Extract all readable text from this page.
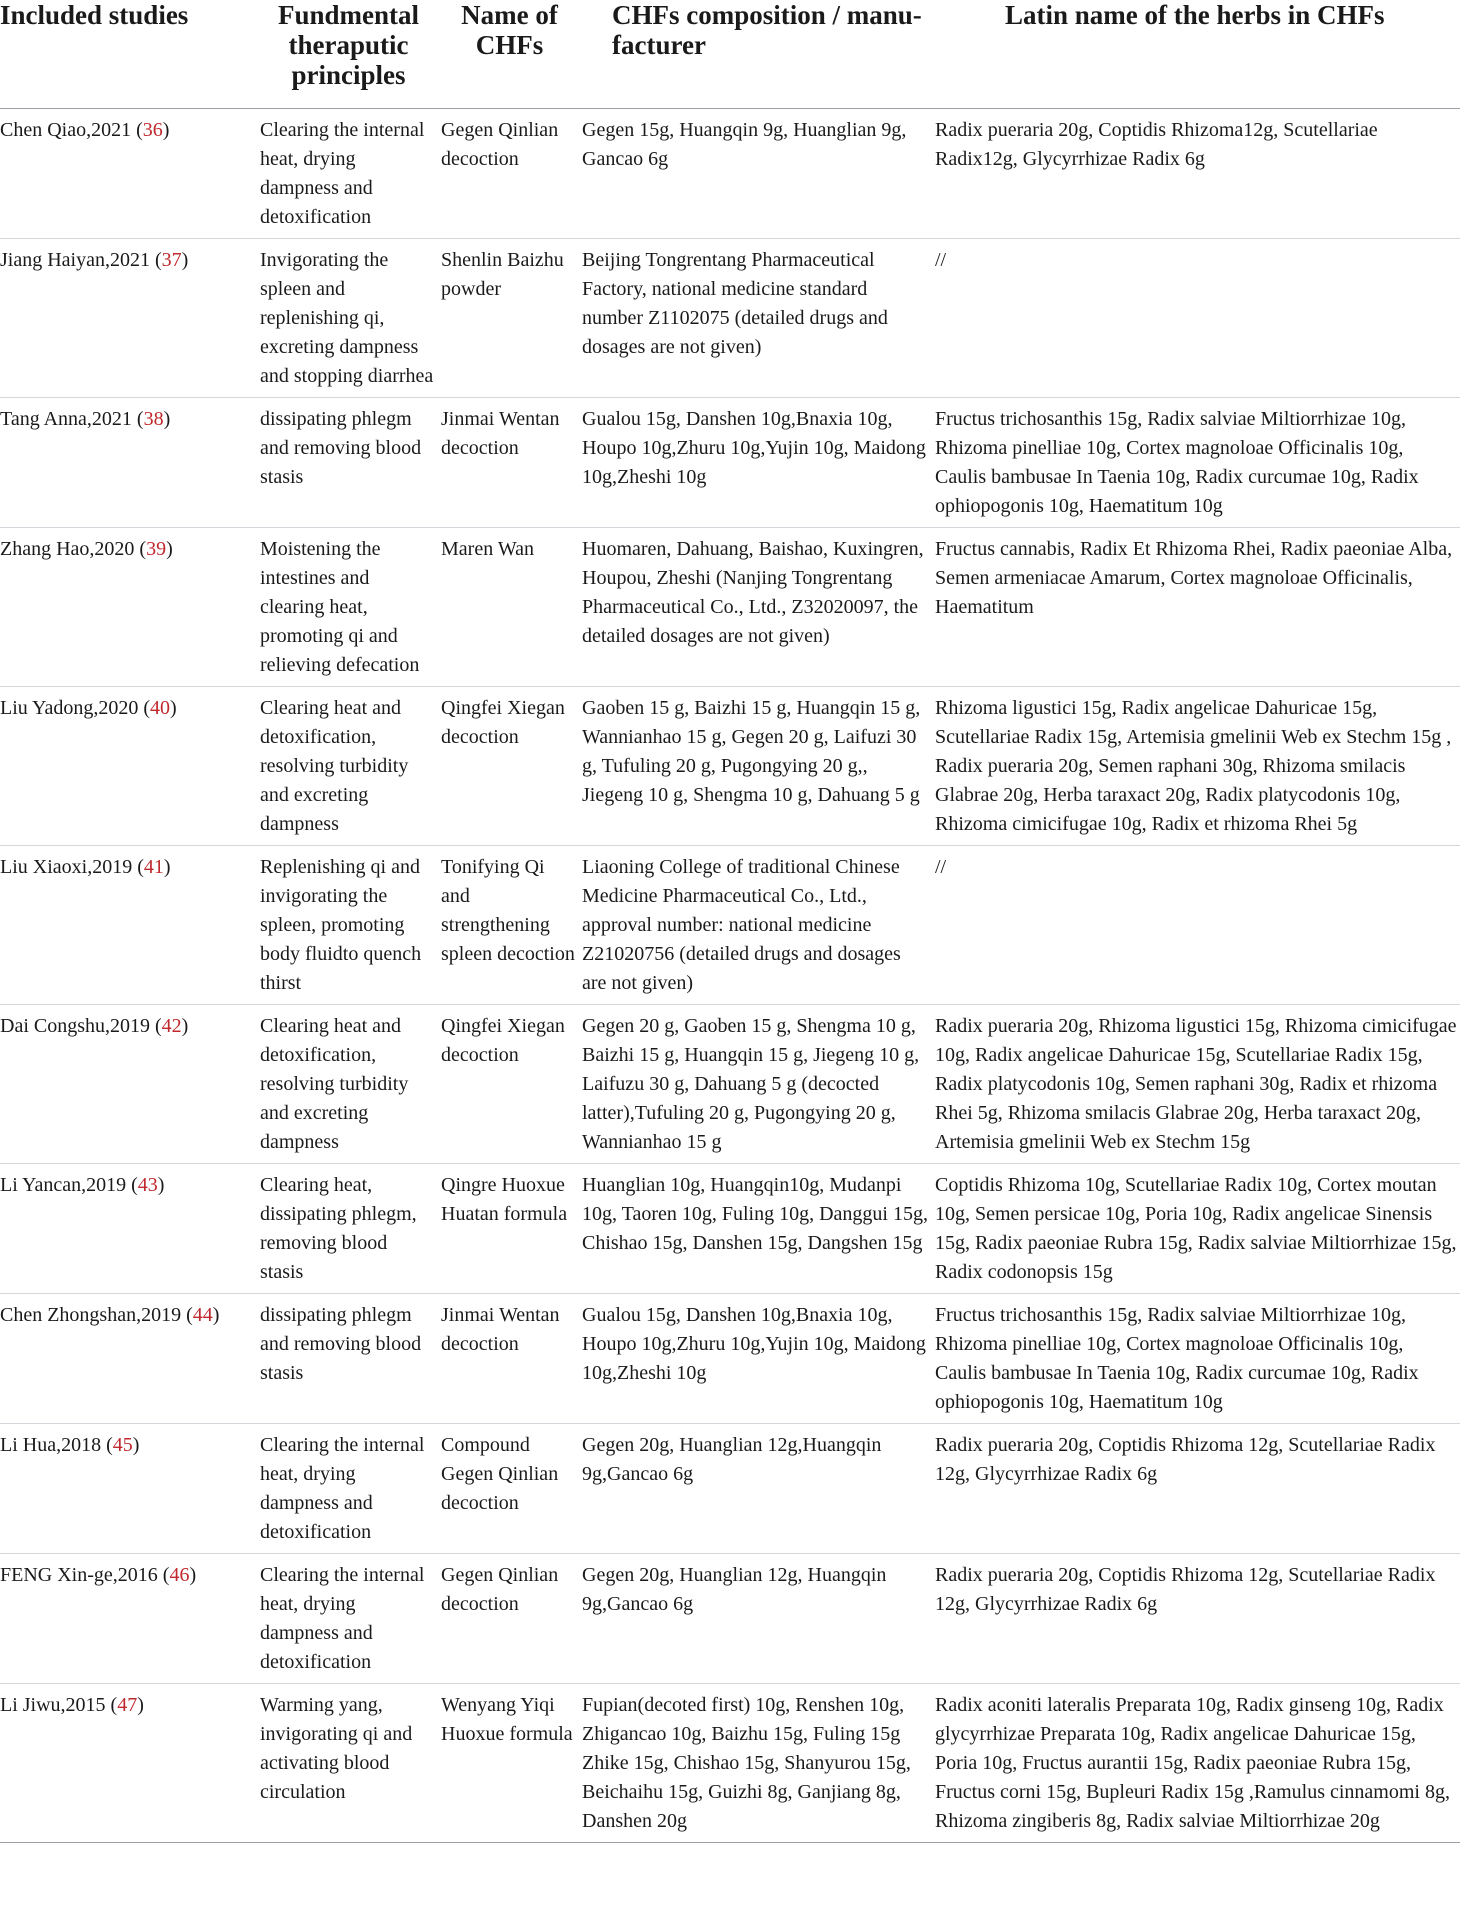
Included studies	Fundmental theraputic principles	Name of CHFs	CHFs composition / manu- facturer	Latin name of the herbs in CHFs
Chen Qiao,2021 (36)	Clearing the internal heat, drying dampness and detoxification	Gegen Qinlian decoction	Gegen 15g, Huangqin 9g, Huanglian 9g, Gancao 6g	Radix pueraria 20g, Coptidis Rhizoma12g, Scutellariae Radix12g, Glycyrrhizae Radix 6g
Jiang Haiyan,2021 (37)	Invigorating the spleen and replenishing qi, excreting dampness and stopping diarrhea	Shenlin Baizhu powder	Beijing Tongrentang Pharmaceutical Factory, national medicine standard number Z1102075 (detailed drugs and dosages are not given)	//
Tang Anna,2021 (38)	dissipating phlegm and removing blood stasis	Jinmai Wentan decoction	Gualou 15g, Danshen 10g,Bnaxia 10g, Houpo 10g,Zhuru 10g,Yujin 10g, Maidong 10g,Zheshi 10g	Fructus trichosanthis 15g, Radix salviae Miltiorrhizae 10g, Rhizoma pinelliae 10g, Cortex magnoloae Officinalis 10g, Caulis bambusae In Taenia 10g, Radix curcumae 10g, Radix ophiopogonis 10g, Haematitum 10g
Zhang Hao,2020 (39)	Moistening the intestines and clearing heat, promoting qi and relieving defecation	Maren Wan	Huomaren, Dahuang, Baishao, Kuxingren, Houpou, Zheshi (Nanjing Tongrentang Pharmaceutical Co., Ltd., Z32020097, the detailed dosages are not given)	Fructus cannabis, Radix Et Rhizoma Rhei, Radix paeoniae Alba, Semen armeniacae Amarum, Cortex magnoloae Officinalis, Haematitum
Liu Yadong,2020 (40)	Clearing heat and detoxification, resolving turbidity and excreting dampness	Qingfei Xiegan decoction	Gaoben 15 g, Baizhi 15 g, Huangqin 15 g, Wannianhao 15 g, Gegen 20 g, Laifuzi 30 g, Tufuling 20 g, Pugongying 20 g,, Jiegeng 10 g, Shengma 10 g, Dahuang 5 g	Rhizoma ligustici 15g, Radix angelicae Dahuricae 15g, Scutellariae Radix 15g, Artemisia gmelinii Web ex Stechm 15g , Radix pueraria 20g, Semen raphani 30g, Rhizoma smilacis Glabrae 20g, Herba taraxact 20g, Radix platycodonis 10g, Rhizoma cimicifugae 10g, Radix et rhizoma Rhei 5g
Liu Xiaoxi,2019 (41)	Replenishing qi and invigorating the spleen, promoting body fluidto quench thirst	Tonifying Qi and strengthening spleen decoction	Liaoning College of traditional Chinese Medicine Pharmaceutical Co., Ltd., approval number: national medicine Z21020756 (detailed drugs and dosages are not given)	//
Dai Congshu,2019 (42)	Clearing heat and detoxification, resolving turbidity and excreting dampness	Qingfei Xiegan decoction	Gegen 20 g, Gaoben 15 g, Shengma 10 g, Baizhi 15 g, Huangqin 15 g, Jiegeng 10 g, Laifuzu 30 g, Dahuang 5 g (decocted latter),Tufuling 20 g, Pugongying 20 g, Wannianhao 15 g	Radix pueraria 20g, Rhizoma ligustici 15g, Rhizoma cimicifugae 10g, Radix angelicae Dahuricae 15g, Scutellariae Radix 15g, Radix platycodonis 10g, Semen raphani 30g, Radix et rhizoma Rhei 5g, Rhizoma smilacis Glabrae 20g, Herba taraxact 20g, Artemisia gmelinii Web ex Stechm 15g
Li Yancan,2019 (43)	Clearing heat, dissipating phlegm, removing blood stasis	Qingre Huoxue Huatan formula	Huanglian 10g, Huangqin10g, Mudanpi 10g, Taoren 10g, Fuling 10g, Danggui 15g, Chishao 15g, Danshen 15g, Dangshen 15g	Coptidis Rhizoma 10g, Scutellariae Radix 10g, Cortex moutan 10g, Semen persicae 10g, Poria 10g, Radix angelicae Sinensis 15g, Radix paeoniae Rubra 15g, Radix salviae Miltiorrhizae 15g, Radix codonopsis 15g
Chen Zhongshan,2019 (44)	dissipating phlegm and removing blood stasis	Jinmai Wentan decoction	Gualou 15g, Danshen 10g,Bnaxia 10g, Houpo 10g,Zhuru 10g,Yujin 10g, Maidong 10g,Zheshi 10g	Fructus trichosanthis 15g, Radix salviae Miltiorrhizae 10g, Rhizoma pinelliae 10g, Cortex magnoloae Officinalis 10g, Caulis bambusae In Taenia 10g, Radix curcumae 10g, Radix ophiopogonis 10g, Haematitum 10g
Li Hua,2018 (45)	Clearing the internal heat, drying dampness and detoxification	Compound Gegen Qinlian decoction	Gegen 20g, Huanglian 12g,Huangqin 9g,Gancao 6g	Radix pueraria 20g, Coptidis Rhizoma 12g, Scutellariae Radix 12g, Glycyrrhizae Radix 6g
FENG Xin-ge,2016 (46)	Clearing the internal heat, drying dampness and detoxification	Gegen Qinlian decoction	Gegen 20g, Huanglian 12g, Huangqin 9g,Gancao 6g	Radix pueraria 20g, Coptidis Rhizoma 12g, Scutellariae Radix 12g, Glycyrrhizae Radix 6g
Li Jiwu,2015 (47)	Warming yang, invigorating qi and activating blood circulation	Wenyang Yiqi Huoxue formula	Fupian(decoted first) 10g, Renshen 10g, Zhigancao 10g, Baizhu 15g, Fuling 15g Zhike 15g, Chishao 15g, Shanyurou 15g, Beichaihu 15g, Guizhi 8g, Ganjiang 8g, Danshen 20g	Radix aconiti lateralis Preparata 10g, Radix ginseng 10g, Radix glycyrrhizae Preparata 10g, Radix angelicae Dahuricae 15g, Poria 10g, Fructus aurantii 15g, Radix paeoniae Rubra 15g, Fructus corni 15g, Bupleuri Radix 15g ,Ramulus cinnamomi 8g, Rhizoma zingiberis 8g, Radix salviae Miltiorrhizae 20g
